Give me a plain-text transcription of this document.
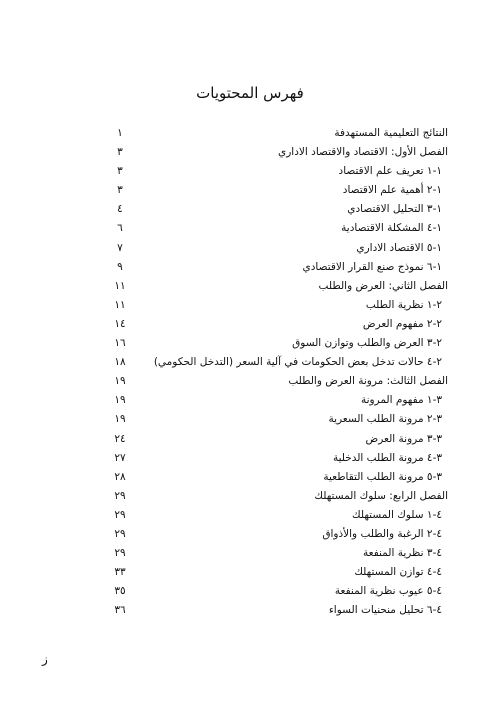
فهرس المحتويات
النتائج التعليمية المستهدفة
١
الفصل الأول: الاقتصاد والاقتصاد الاداري
٣
١-١ تعريف علم الاقتصاد
٣
١-٢ أهمية علم الاقتصاد
٣
١-٣ التحليل الاقتصادي
٤
١-٤ المشكلة الاقتصادية
٦
١-٥ الاقتصاد الاداري
٧
١-٦ نموذج صنع القرار الاقتصادي
٩
الفصل الثاني: العرض والطلب
١١
٢-١ نظرية الطلب
١١
٢-٢ مفهوم العرض
١٤
٢-٣ العرض والطلب وتوازن السوق
١٦
٢-٤ حالات تدخل بعض الحكومات في آلية السعر (التدخل الحكومي)
١٨
الفصل الثالث: مرونة العرض والطلب
١٩
٣-١ مفهوم المرونة
١٩
٣-٢ مرونة الطلب السعرية
١٩
٣-٣ مرونة العرض
٢٤
٣-٤ مرونة الطلب الدخلية
٢٧
٣-٥ مرونة الطلب التقاطعية
٢٨
الفصل الرابع: سلوك المستهلك
٢٩
٤-١ سلوك المستهلك
٢٩
٤-٢ الرغبة والطلب والأذواق
٢٩
٤-٣ نظرية المنفعة
٢٩
٤-٤ توازن المستهلك
٣٣
٤-٥ عيوب نظرية المنفعة
٣٥
٤-٦ تحليل منحنيات السواء
٣٦
ز
